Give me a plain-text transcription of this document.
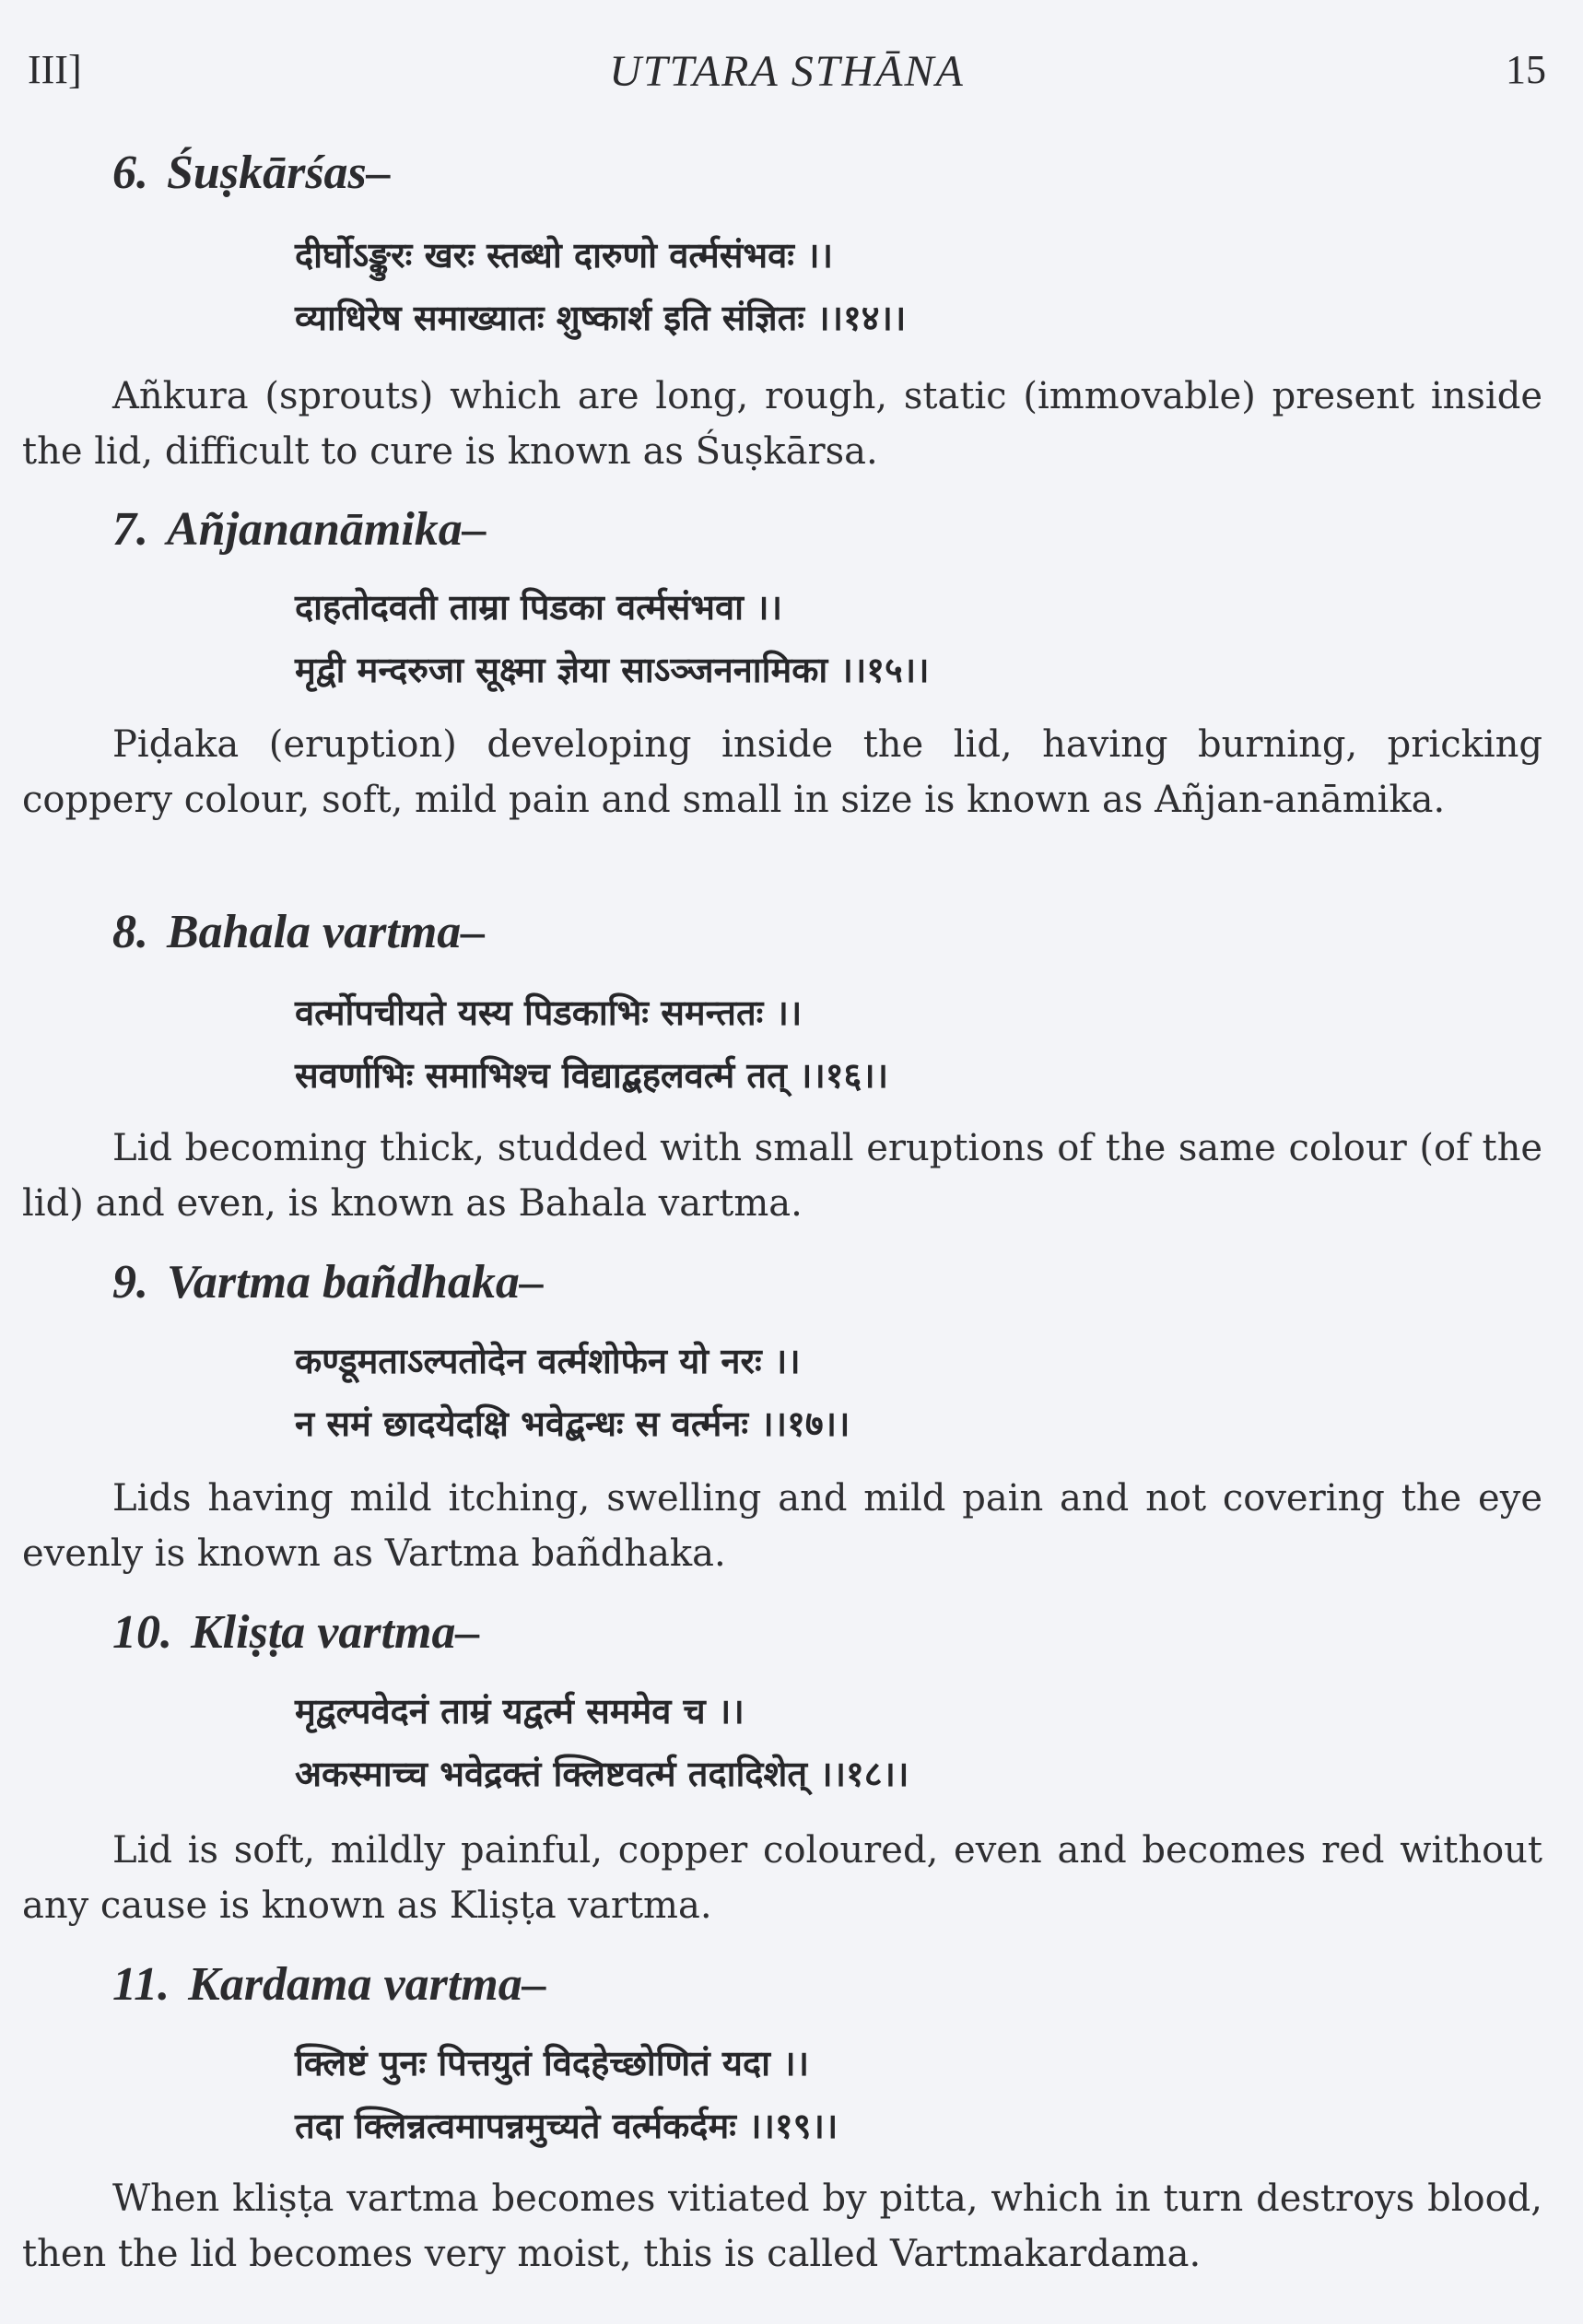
III]	UTTARA STHĀNA	15
6. Śuṣkārśas–
दीर्घोऽङ्कुरः खरः स्तब्धो दारुणो वर्त्मसंभवः ।।
व्याधिरेष समाख्यातः शुष्कार्श इति संज्ञितः ।।१४।।
Añkura (sprouts) which are long, rough, static (immovable) present inside the lid, difficult to cure is known as Śuṣkārsa.
7. Añjananāmika–
दाहतोदवती ताम्रा पिडका वर्त्मसंभवा ।।
मृद्वी मन्दरुजा सूक्ष्मा ज्ञेया साऽञ्जननामिका ।।१५।।
Piḍaka (eruption) developing inside the lid, having burning, pricking coppery colour, soft, mild pain and small in size is known as Añjan-anāmika.
8. Bahala vartma–
वर्त्मोपचीयते यस्य पिडकाभिः समन्ततः ।।
सवर्णाभिः समाभिश्च विद्याद्बहलवर्त्म तत् ।।१६।।
Lid becoming thick, studded with small eruptions of the same colour (of the lid) and even, is known as Bahala vartma.
9. Vartma bañdhaka–
कण्डूमताऽल्पतोदेन वर्त्मशोफेन यो नरः ।।
न समं छादयेदक्षि भवेद्बन्धः स वर्त्मनः ।।१७।।
Lids having mild itching, swelling and mild pain and not covering the eye evenly is known as Vartma bañdhaka.
10. Kliṣṭa vartma–
मृद्वल्पवेदनं ताम्रं यद्वर्त्म सममेव च ।।
अकस्माच्च भवेद्रक्तं क्लिष्टवर्त्म तदादिशेत् ।।१८।।
Lid is soft, mildly painful, copper coloured, even and becomes red without any cause is known as Kliṣṭa vartma.
11. Kardama vartma–
क्लिष्टं पुनः पित्तयुतं विदहेच्छोणितं यदा ।।
तदा क्लिन्नत्वमापन्नमुच्यते वर्त्मकर्दमः ।।१९।।
When kliṣṭa vartma becomes vitiated by pitta, which in turn destroys blood, then the lid becomes very moist, this is called Vartmakardama.
